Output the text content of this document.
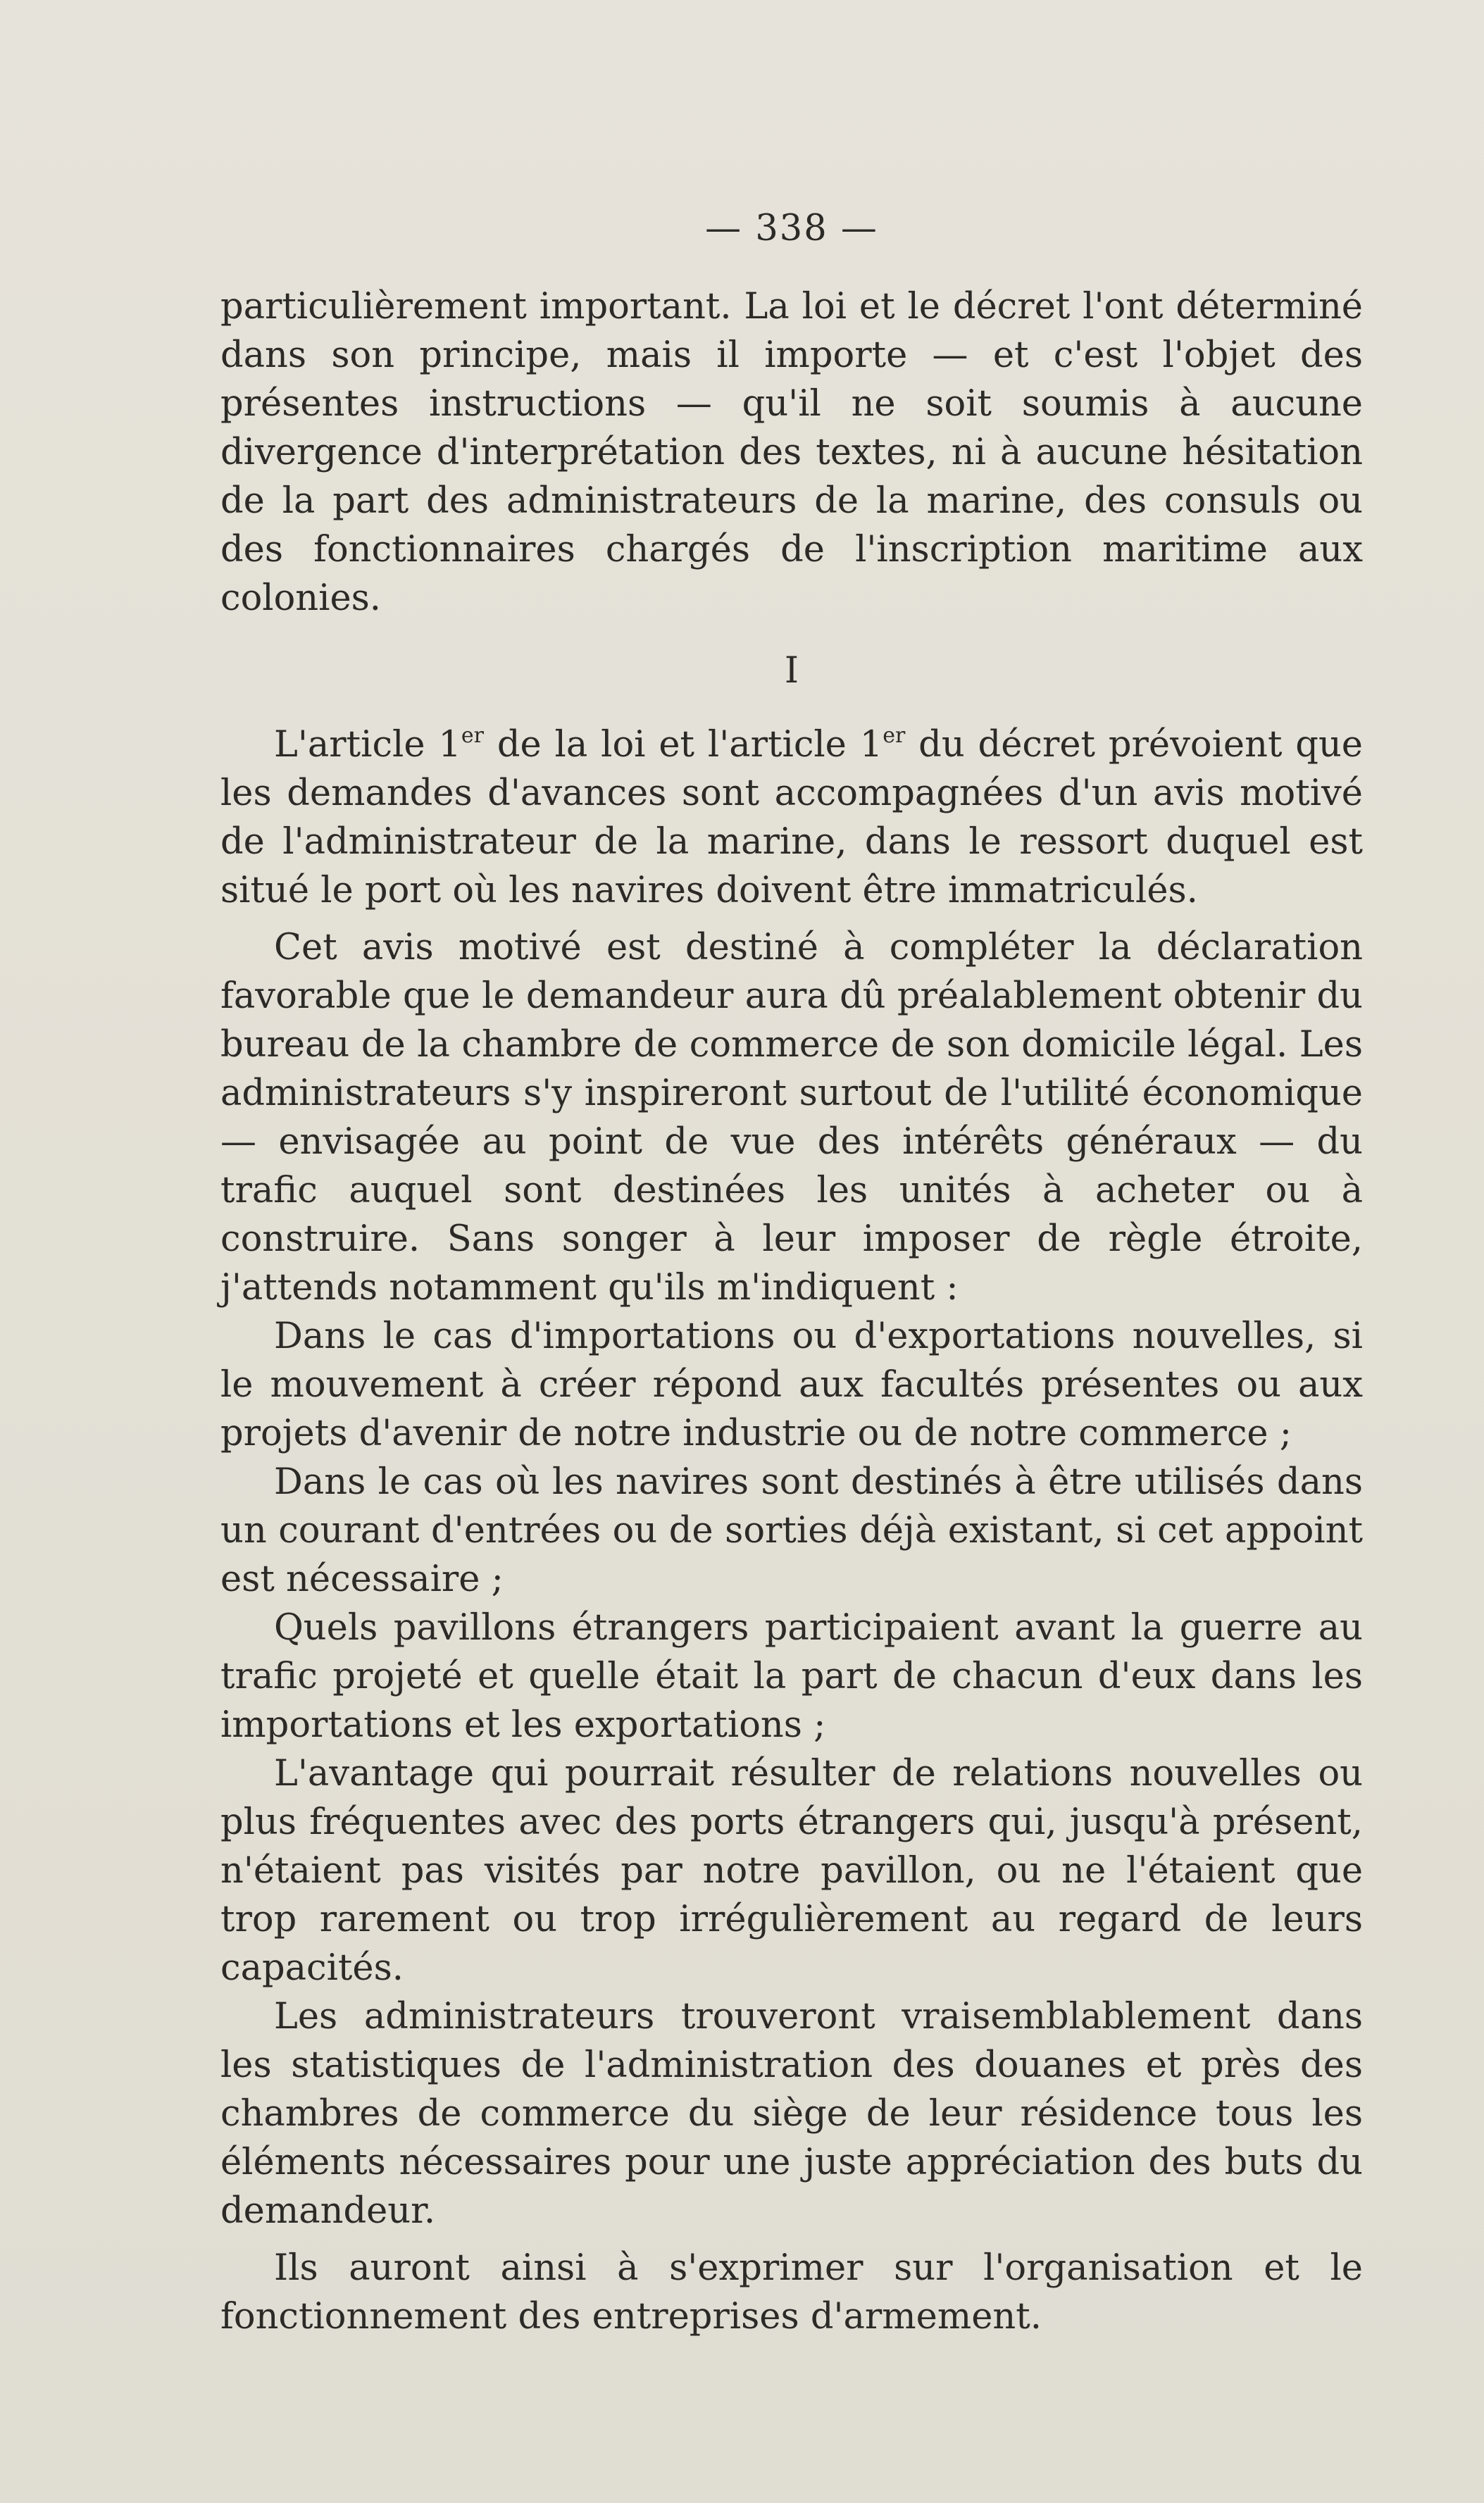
— 338 —

particulièrement important. La loi et le décret l'ont déterminé dans son principe, mais il importe — et c'est l'objet des présentes instructions — qu'il ne soit soumis à aucune divergence d'interprétation des textes, ni à aucune hésitation de la part des administrateurs de la marine, des consuls ou des fonctionnaires chargés de l'inscription maritime aux colonies.

I

L'article 1er de la loi et l'article 1er du décret prévoient que les demandes d'avances sont accompagnées d'un avis motivé de l'administrateur de la marine, dans le ressort duquel est situé le port où les navires doivent être immatriculés.

Cet avis motivé est destiné à compléter la déclaration favorable que le demandeur aura dû préalablement obtenir du bureau de la chambre de commerce de son domicile légal. Les administrateurs s'y inspireront surtout de l'utilité économique — envisagée au point de vue des intérêts généraux — du trafic auquel sont destinées les unités à acheter ou à construire. Sans songer à leur imposer de règle étroite, j'attends notamment qu'ils m'indiquent :

Dans le cas d'importations ou d'exportations nouvelles, si le mouvement à créer répond aux facultés présentes ou aux projets d'avenir de notre industrie ou de notre commerce ;

Dans le cas où les navires sont destinés à être utilisés dans un courant d'entrées ou de sorties déjà existant, si cet appoint est nécessaire ;

Quels pavillons étrangers participaient avant la guerre au trafic projeté et quelle était la part de chacun d'eux dans les importations et les exportations ;

L'avantage qui pourrait résulter de relations nouvelles ou plus fréquentes avec des ports étrangers qui, jusqu'à présent, n'étaient pas visités par notre pavillon, ou ne l'étaient que trop rarement ou trop irrégulièrement au regard de leurs capacités.

Les administrateurs trouveront vraisemblablement dans les statistiques de l'administration des douanes et près des chambres de commerce du siège de leur résidence tous les éléments nécessaires pour une juste appréciation des buts du demandeur.

Ils auront ainsi à s'exprimer sur l'organisation et le fonctionnement des entreprises d'armement.
